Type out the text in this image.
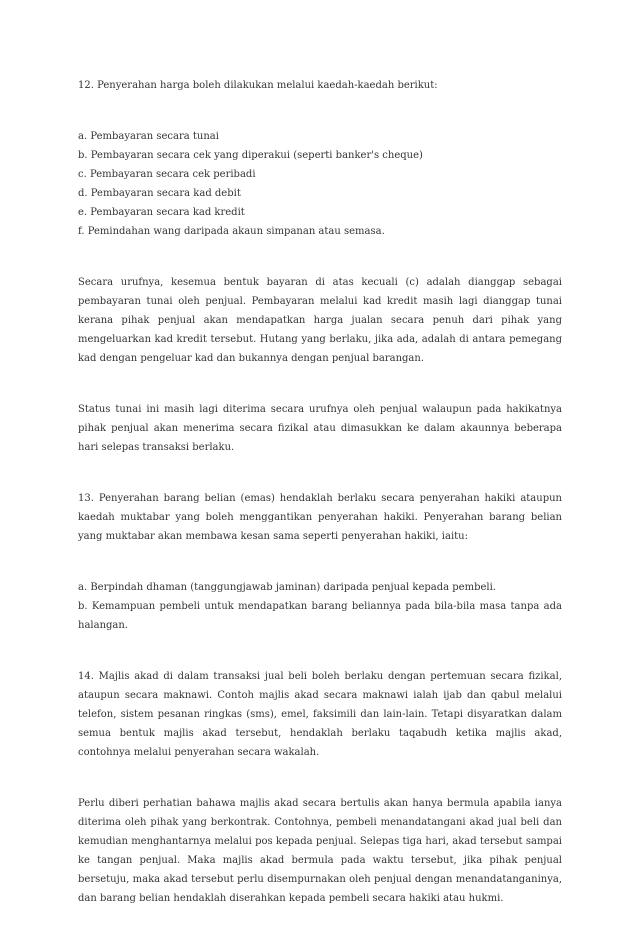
12. Penyerahan harga boleh dilakukan melalui kaedah-kaedah berikut:

a. Pembayaran secara tunai

b. Pembayaran secara cek yang diperakui (seperti banker's cheque)

c. Pembayaran secara cek peribadi

d. Pembayaran secara kad debit

e. Pembayaran secara kad kredit

f. Pemindahan wang daripada akaun simpanan atau semasa.

Secara urufnya, kesemua bentuk bayaran di atas kecuali (c) adalah dianggap sebagai pembayaran tunai oleh penjual. Pembayaran melalui kad kredit masih lagi dianggap tunai kerana pihak penjual akan mendapatkan harga jualan secara penuh dari pihak yang mengeluarkan kad kredit tersebut. Hutang yang berlaku, jika ada, adalah di antara pemegang kad dengan pengeluar kad dan bukannya dengan penjual barangan.

Status tunai ini masih lagi diterima secara urufnya oleh penjual walaupun pada hakikatnya pihak penjual akan menerima secara fizikal atau dimasukkan ke dalam akaunnya beberapa hari selepas transaksi berlaku.

13. Penyerahan barang belian (emas) hendaklah berlaku secara penyerahan hakiki ataupun kaedah muktabar yang boleh menggantikan penyerahan hakiki. Penyerahan barang belian yang muktabar akan membawa kesan sama seperti penyerahan hakiki, iaitu:

a. Berpindah dhaman (tanggungjawab jaminan) daripada penjual kepada pembeli.

b. Kemampuan pembeli untuk mendapatkan barang beliannya pada bila-bila masa tanpa ada halangan.

14. Majlis akad di dalam transaksi jual beli boleh berlaku dengan pertemuan secara fizikal, ataupun secara maknawi. Contoh majlis akad secara maknawi ialah ijab dan qabul melalui telefon, sistem pesanan ringkas (sms), emel, faksimili dan lain-lain. Tetapi disyaratkan dalam semua bentuk majlis akad tersebut, hendaklah berlaku taqabudh ketika majlis akad, contohnya melalui penyerahan secara wakalah.

Perlu diberi perhatian bahawa majlis akad secara bertulis akan hanya bermula apabila ianya diterima oleh pihak yang berkontrak. Contohnya, pembeli menandatangani akad jual beli dan kemudian menghantarnya melalui pos kepada penjual. Selepas tiga hari, akad tersebut sampai ke tangan penjual. Maka majlis akad bermula pada waktu tersebut, jika pihak penjual bersetuju, maka akad tersebut perlu disempurnakan oleh penjual dengan menandatanganinya, dan barang belian hendaklah diserahkan kepada pembeli secara hakiki atau hukmi.
